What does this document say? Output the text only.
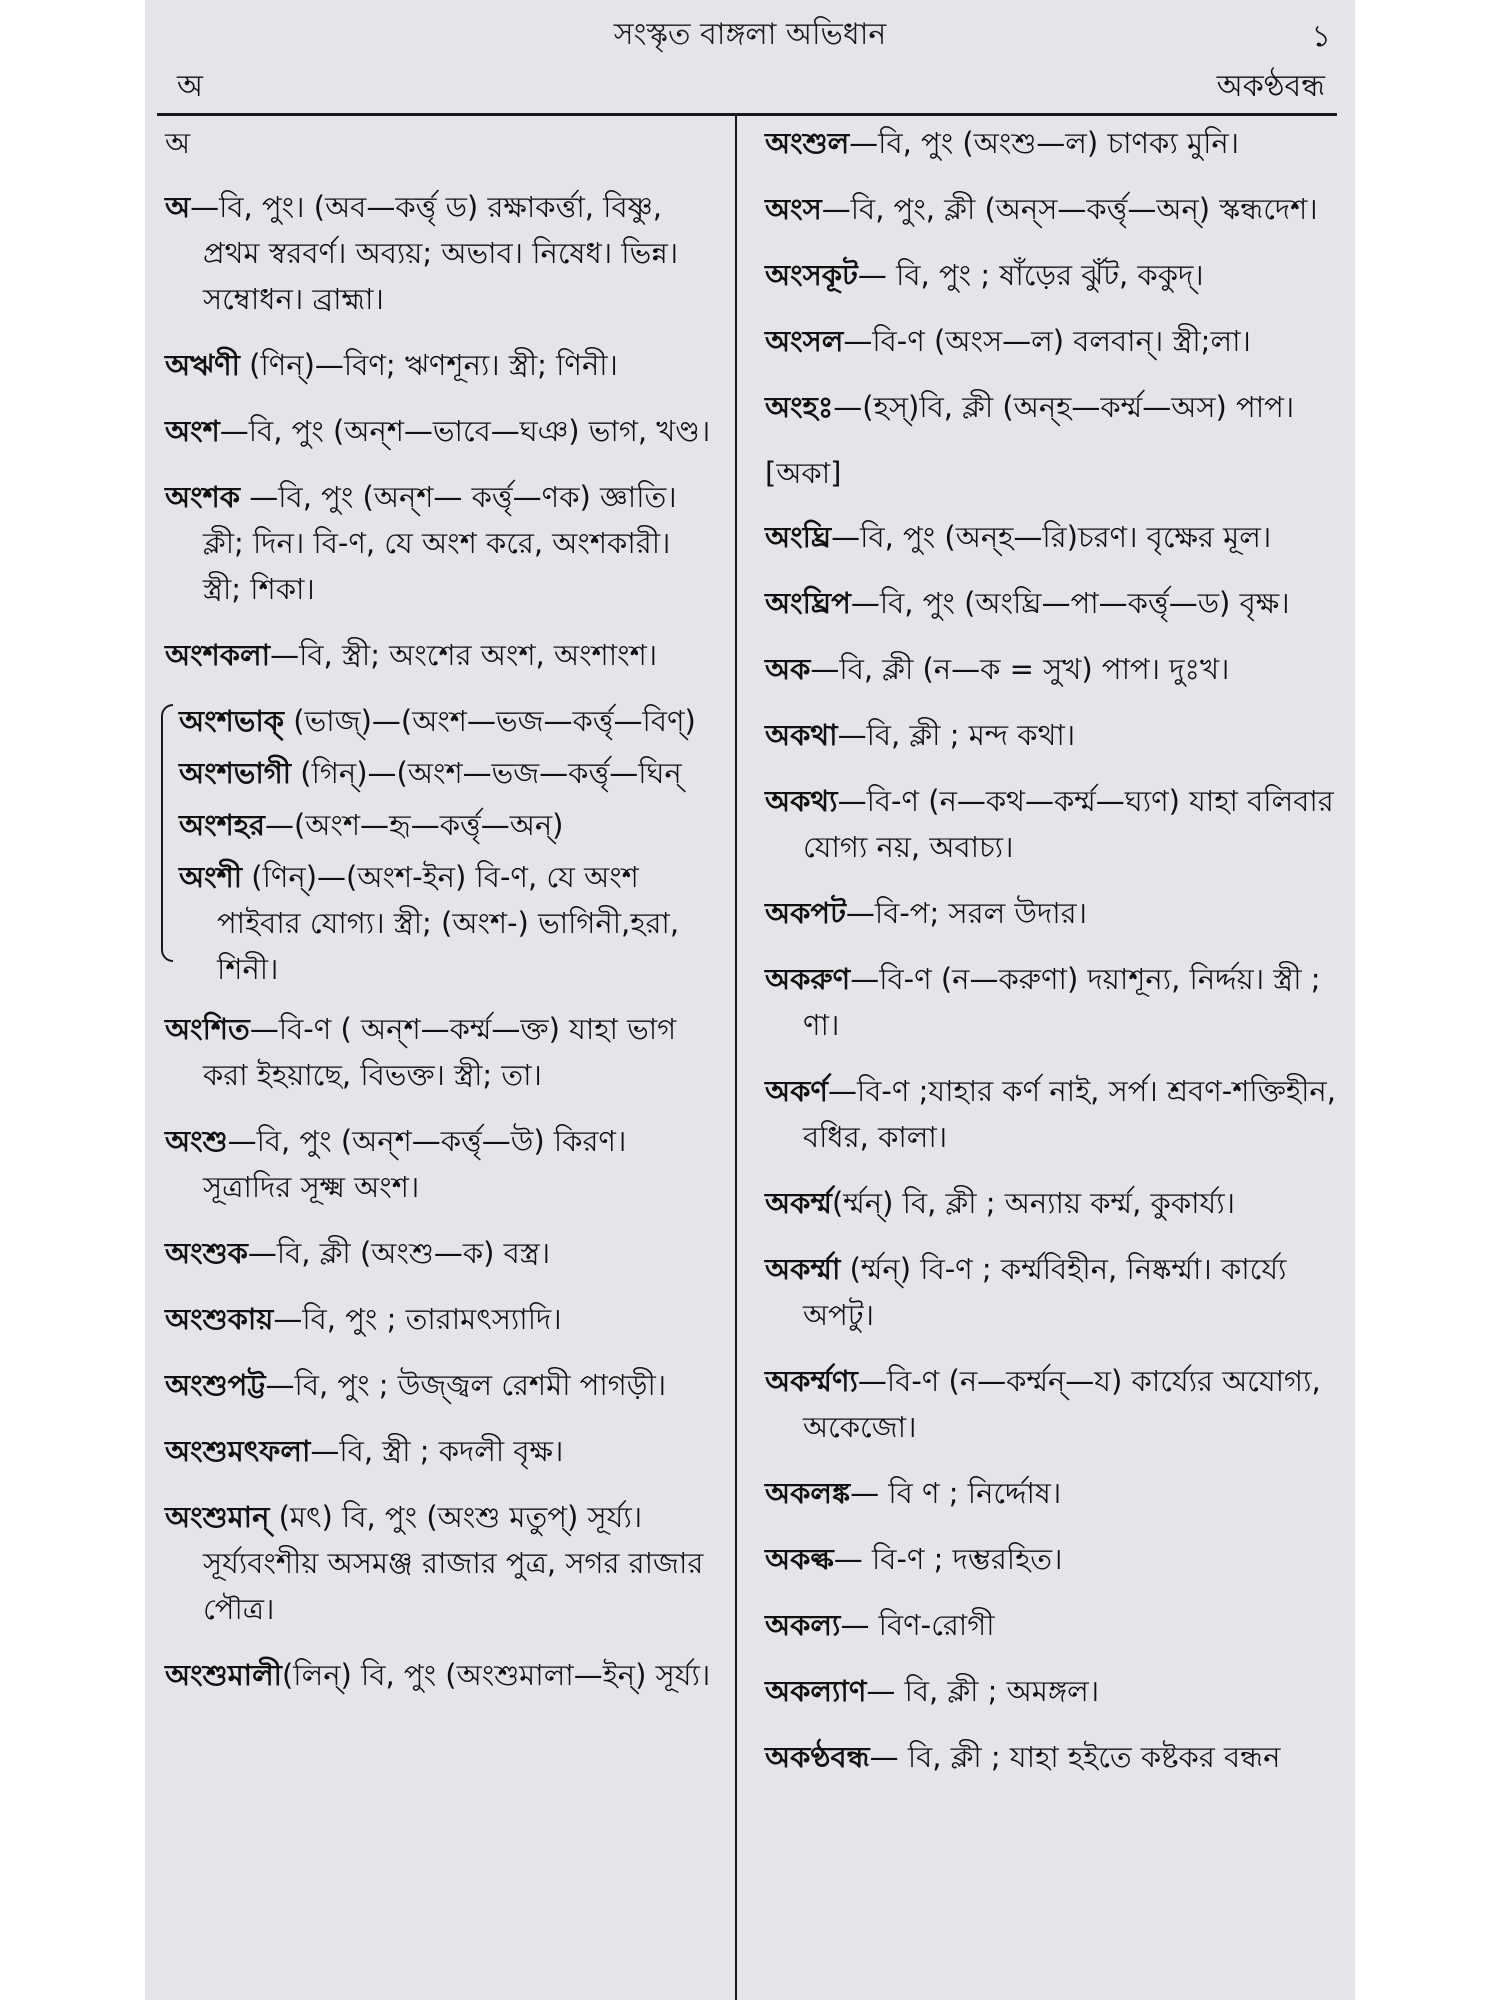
সংস্কৃত বাঙ্গলা অভিধান	১
অ	অকণ্ঠবন্ধ
অ
অ—বি, পুং। (অব—কর্ত্তৃ ড) রক্ষাকর্ত্তা, বিষ্ণু, প্রথম স্বরবর্ণ। অব্যয়; অভাব। নিষেধ। ভিন্ন। সম্বোধন। ব্রাহ্মা।
অঋণী (ণিন্)—বিণ; ঋণশূন্য। স্ত্রী; ণিনী।
অংশ—বি, পুং (অন্‌শ—ভাবে—ঘঞ) ভাগ, খণ্ড।
অংশক —বি, পুং (অন্‌শ— কর্ত্তৃ—ণক) জ্ঞাতি। ক্লী; দিন। বি-ণ, যে অংশ করে, অংশকারী। স্ত্রী; শিকা।
অংশকলা—বি, স্ত্রী; অংশের অংশ, অংশাংশ।
অংশভাক্ (ভাজ্)—(অংশ—ভজ—কর্ত্তৃ—বিণ্)
অংশভাগী (গিন্)—(অংশ—ভজ—কর্ত্তৃ—ঘিন্
অংশহর—(অংশ—হৃ—কর্ত্তৃ—অন্)
অংশী (ণিন্)—(অংশ-ইন) বি-ণ, যে অংশ পাইবার যোগ্য। স্ত্রী; (অংশ-) ভাগিনী,হরা, শিনী।
অংশিত—বি-ণ ( অন্‌শ—কর্ম্ম—ক্ত) যাহা ভাগ করা ইহয়াছে, বিভক্ত। স্ত্রী; তা।
অংশু—বি, পুং (অন্‌শ—কর্ত্তৃ—উ) কিরণ। সূত্রাদির সূক্ষ্ম অংশ।
অংশুক—বি, ক্লী (অংশু—ক) বস্ত্র।
অংশুকায়—বি, পুং ; তারামৎস্যাদি।
অংশুপট্ট—বি, পুং ; উজ্জ্বল রেশমী পাগড়ী।
অংশুমৎফলা—বি, স্ত্রী ; কদলী বৃক্ষ।
অংশুমান্ (মৎ) বি, পুং (অংশু মতুপ্) সূর্য্য। সূর্য্যবংশীয় অসমঞ্জ রাজার পুত্র, সগর রাজার পৌত্র।
অংশুমালী(লিন্) বি, পুং (অংশুমালা—ইন্) সূর্য্য।
অংশুল—বি, পুং (অংশু—ল) চাণক্য মুনি।
অংস—বি, পুং, ক্লী (অন্‌স—কর্ত্তৃ—অন্) স্কন্ধদেশ।
অংসকূট— বি, পুং ; ষাঁড়ের ঝুঁট, ককুদ্।
অংসল—বি-ণ (অংস—ল) বলবান্। স্ত্রী;লা।
অংহঃ—(হস্)বি, ক্লী (অন্‌হ—কর্ম্ম—অস) পাপ।
[অকা]
অংঘ্রি—বি, পুং (অন্‌হ—রি)চরণ। বৃক্ষের মূল।
অংঘ্রিপ—বি, পুং (অংঘ্রি—পা—কর্ত্তৃ—ড) বৃক্ষ।
অক—বি, ক্লী (ন—ক = সুখ) পাপ। দুঃখ।
অকথা—বি, ক্লী ; মন্দ কথা।
অকথ্য—বি-ণ (ন—কথ—কর্ম্ম—ঘ্যণ) যাহা বলিবার যোগ্য নয়, অবাচ্য।
অকপট—বি-প; সরল উদার।
অকরুণ—বি-ণ (ন—করুণা) দয়াশূন্য, নির্দ্দয়। স্ত্রী ; ণা।
অকর্ণ—বি-ণ ;যাহার কর্ণ নাই, সর্প। শ্রবণ-শক্তিহীন, বধির, কালা।
অকর্ম্ম(র্ম্মন্) বি, ক্লী ; অন্যায় কর্ম্ম, কুকার্য্য।
অকর্ম্মা (র্ম্মন্) বি-ণ ; কর্ম্মবিহীন, নিষ্কর্ম্মা। কার্য্যে অপটু।
অকর্ম্মণ্য—বি-ণ (ন—কর্ম্মন্—য) কার্য্যের অযোগ্য, অকেজো।
অকলঙ্ক— বি ণ ; নির্দ্দোষ।
অকল্ক— বি-ণ ; দম্ভরহিত।
অকল্য— বিণ-রোগী
অকল্যাণ— বি, ক্লী ; অমঙ্গল।
অকণ্ঠবন্ধ— বি, ক্লী ; যাহা হইতে কষ্টকর বন্ধন
